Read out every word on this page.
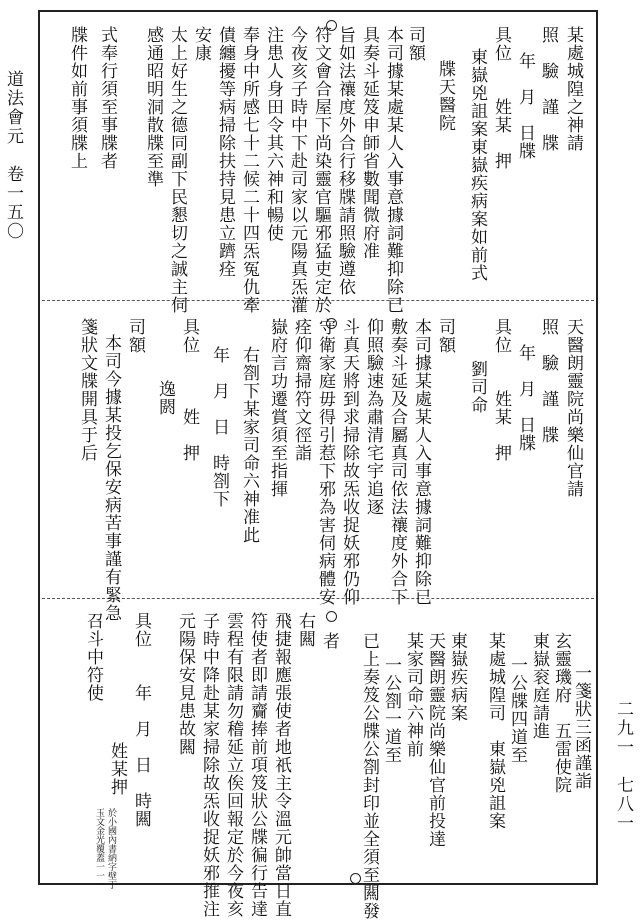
道法會元　卷一五〇
二九一　七八一
某處城隍之神請
照　驗　謹　牒
年　月　日牒
具位　　姓某　押
東嶽兇詛案東嶽疾病案如前式
牒天醫院
司額
本司據某處某人入事意據詞難抑除已
具奏斗延笈申師省數聞微府准
旨如法禳度外合行移牒請照驗遵依
符文會合屋下尚染靈官驅邪猛吏定於
今夜亥子時中下赴司家以元陽真炁灌
注患人身田令其六神和暢使
奉身中所感七十二候二十四炁冤仇牽
債纏擾等病掃除扶持見患立躋痊
安康
太上好生之德同副下民懇切之誠主伺
感通昭明洞散牒至準
式奉行須至事牒者
牒件如前事須牒上
天醫朗靈院尚樂仙官請
照　驗　謹　牒
年　月　日牒
具位　　姓某　押
劉司命
司額
本司據某處某人入事意據詞難抑除已
敷奏斗延及合屬真司依法禳度外合下
仰照驗速為肅清宅宇追逐
斗真天將到求掃除故炁收捉妖邪仍仰
守衛家庭毋得引惹下邪為害伺病體安
痊仰齋掃符文徑詣
嶽府言功遷賞須至指揮
右劄下某家司命六神准此
年　月　日　時劄下
具位　　　姓　押
逸閼
司額
本司今據某投乞保安病苦事謹有緊急
箋狀文牒開具于后
一箋狀三函謹詣
玄靈璣府　五雷使院
東嶽衮庭請進
一公牒四道至
某處城隍司　東嶽兇詛案
東嶽疾病案
天醫朗靈院尚樂仙官前投達
某家司命六神前
一公劄一道至
已上奏笈公牒公劄封印並全須至闗發
者
右闗
飛捷報應張使者地祇主令溫元帥當日直
符使者即請齎捧前項笈狀公牒徧行告達
雲程有限請勿稽延立俟回報定於今夜亥
子時中降赴某家掃除故炁收捉妖邪推注
元陽保安見患故闗
具位　　年　月　日　時闗
　　　　姓某押
召斗中符使
於小國內書納字壁丁
玉文金光覆蓋一一一
